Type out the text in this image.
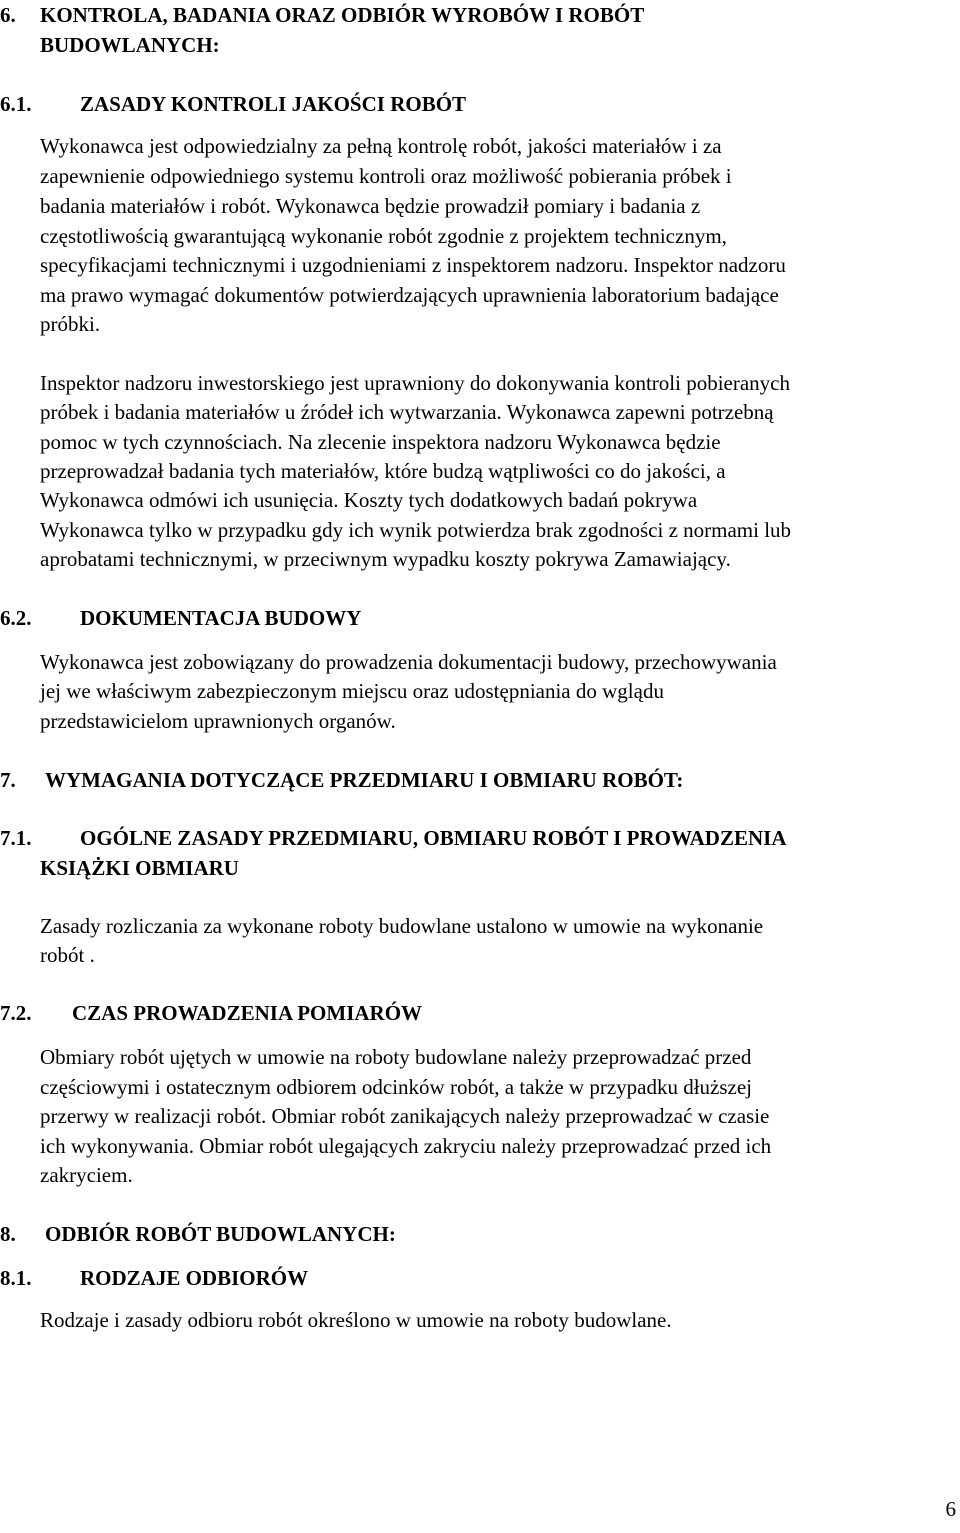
6. KONTROLA, BADANIA ORAZ ODBIÓR WYROBÓW I ROBÓT
BUDOWLANYCH:
6.1. ZASADY KONTROLI JAKOŚCI ROBÓT
Wykonawca jest odpowiedzialny za pełną kontrolę robót, jakości materiałów i za
zapewnienie odpowiedniego systemu kontroli oraz możliwość pobierania próbek i
badania materiałów i robót. Wykonawca będzie prowadził pomiary i badania z
częstotliwością gwarantującą wykonanie robót zgodnie z projektem technicznym,
specyfikacjami technicznymi i uzgodnieniami z inspektorem nadzoru. Inspektor nadzoru
ma prawo wymagać dokumentów potwierdzających uprawnienia laboratorium badające
próbki.
Inspektor nadzoru inwestorskiego jest uprawniony do dokonywania kontroli pobieranych
próbek i badania materiałów u źródeł ich wytwarzania. Wykonawca zapewni potrzebną
pomoc w tych czynnościach. Na zlecenie inspektora nadzoru Wykonawca będzie
przeprowadzał badania tych materiałów, które budzą wątpliwości co do jakości, a
Wykonawca odmówi ich usunięcia. Koszty tych dodatkowych badań pokrywa
Wykonawca tylko w przypadku gdy ich wynik potwierdza brak zgodności z normami lub
aprobatami technicznymi, w przeciwnym wypadku koszty pokrywa Zamawiający.
6.2. DOKUMENTACJA BUDOWY
Wykonawca jest zobowiązany do prowadzenia dokumentacji budowy, przechowywania
jej we właściwym zabezpieczonym miejscu oraz udostępniania do wglądu
przedstawicielom uprawnionych organów.
7. WYMAGANIA DOTYCZĄCE PRZEDMIARU I OBMIARU ROBÓT:
7.1. OGÓLNE ZASADY PRZEDMIARU, OBMIARU ROBÓT I PROWADZENIA
KSIĄŻKI OBMIARU
Zasady rozliczania za wykonane roboty budowlane ustalono w umowie na wykonanie
robót .
7.2. CZAS PROWADZENIA POMIARÓW
Obmiary robót ujętych w umowie na roboty budowlane należy przeprowadzać przed
częściowymi i ostatecznym odbiorem odcinków robót, a także w przypadku dłuższej
przerwy w realizacji robót. Obmiar robót zanikających należy przeprowadzać w czasie
ich wykonywania. Obmiar robót ulegających zakryciu należy przeprowadzać przed ich
zakryciem.
8. ODBIÓR ROBÓT BUDOWLANYCH:
8.1. RODZAJE ODBIORÓW
Rodzaje i zasady odbioru robót określono w umowie na roboty budowlane.
6
